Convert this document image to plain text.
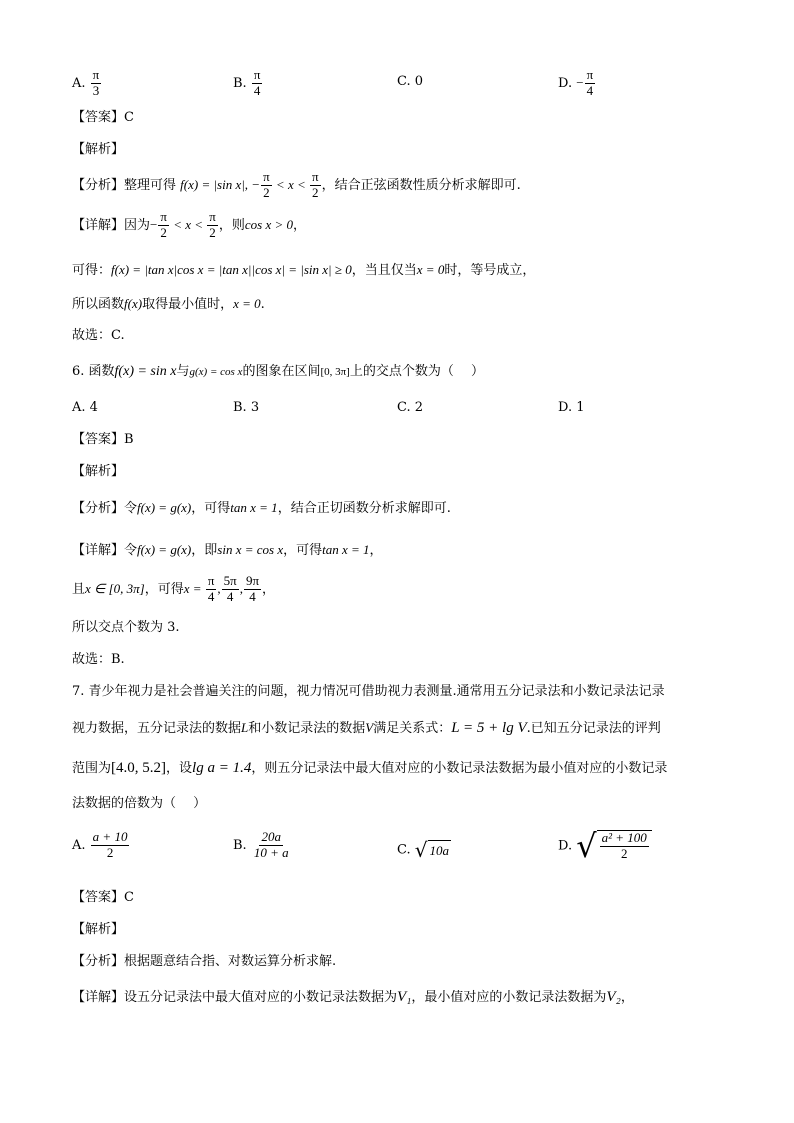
A. $\frac{\pi}{3}$	B. $\frac{\pi}{4}$	C. 0	D. − $\frac{\pi}{4}$
【答案】C
【解析】
【分析】整理可得 f(x) = |sin x|, − $\frac{\pi}{2} < x < \frac{\pi}{2}$ ，结合正弦函数性质分析求解即可.
【详解】因为− $\frac{\pi}{2} < x < \frac{\pi}{2}$ ，则cos x > 0，
可得：f(x) = |tan x|cos x = |tan x||cos x| = |sin x| ≥ 0，当且仅当x = 0时，等号成立，
所以函数f(x)取得最小值时，x = 0.
故选：C.
6. 函数f(x) = sin x与g(x) = cos x的图象在区间[0, 3π]上的交点个数为（　 ）
A. 4	B. 3	C. 2	D. 1
【答案】B
【解析】
【分析】令f(x) = g(x)，可得tan x = 1，结合正切函数分析求解即可.
【详解】令f(x) = g(x)，即sin x = cos x，可得tan x = 1，
且x ∈ [0, 3π]，可得$x = \frac{\pi}{4}$ , $\frac{5\pi}{4}$ , $\frac{9\pi}{4}$ ，
所以交点个数为 3.
故选：B.
7. 青少年视力是社会普遍关注的问题，视力情况可借助视力表测量.通常用五分记录法和小数记录法记录
视力数据，五分记录法的数据L和小数记录法的数据V满足关系式：L = 5 + lg V.已知五分记录法的评判
范围为[4.0, 5.2]，设lg a = 1.4，则五分记录法中最大值对应的小数记录法数据为最小值对应的小数记录
法数据的倍数为（　 ）
A. $\frac{a + 10}{2}$	B. $\frac{20a}{10 + a}$	C. √ 10a	D. √ $\frac{\text{a² + 100}}{2}$
【答案】C
【解析】
【分析】根据题意结合指、对数运算分析求解.
【详解】设五分记录法中最大值对应的小数记录法数据为V₁，最小值对应的小数记录法数据为V₂，
